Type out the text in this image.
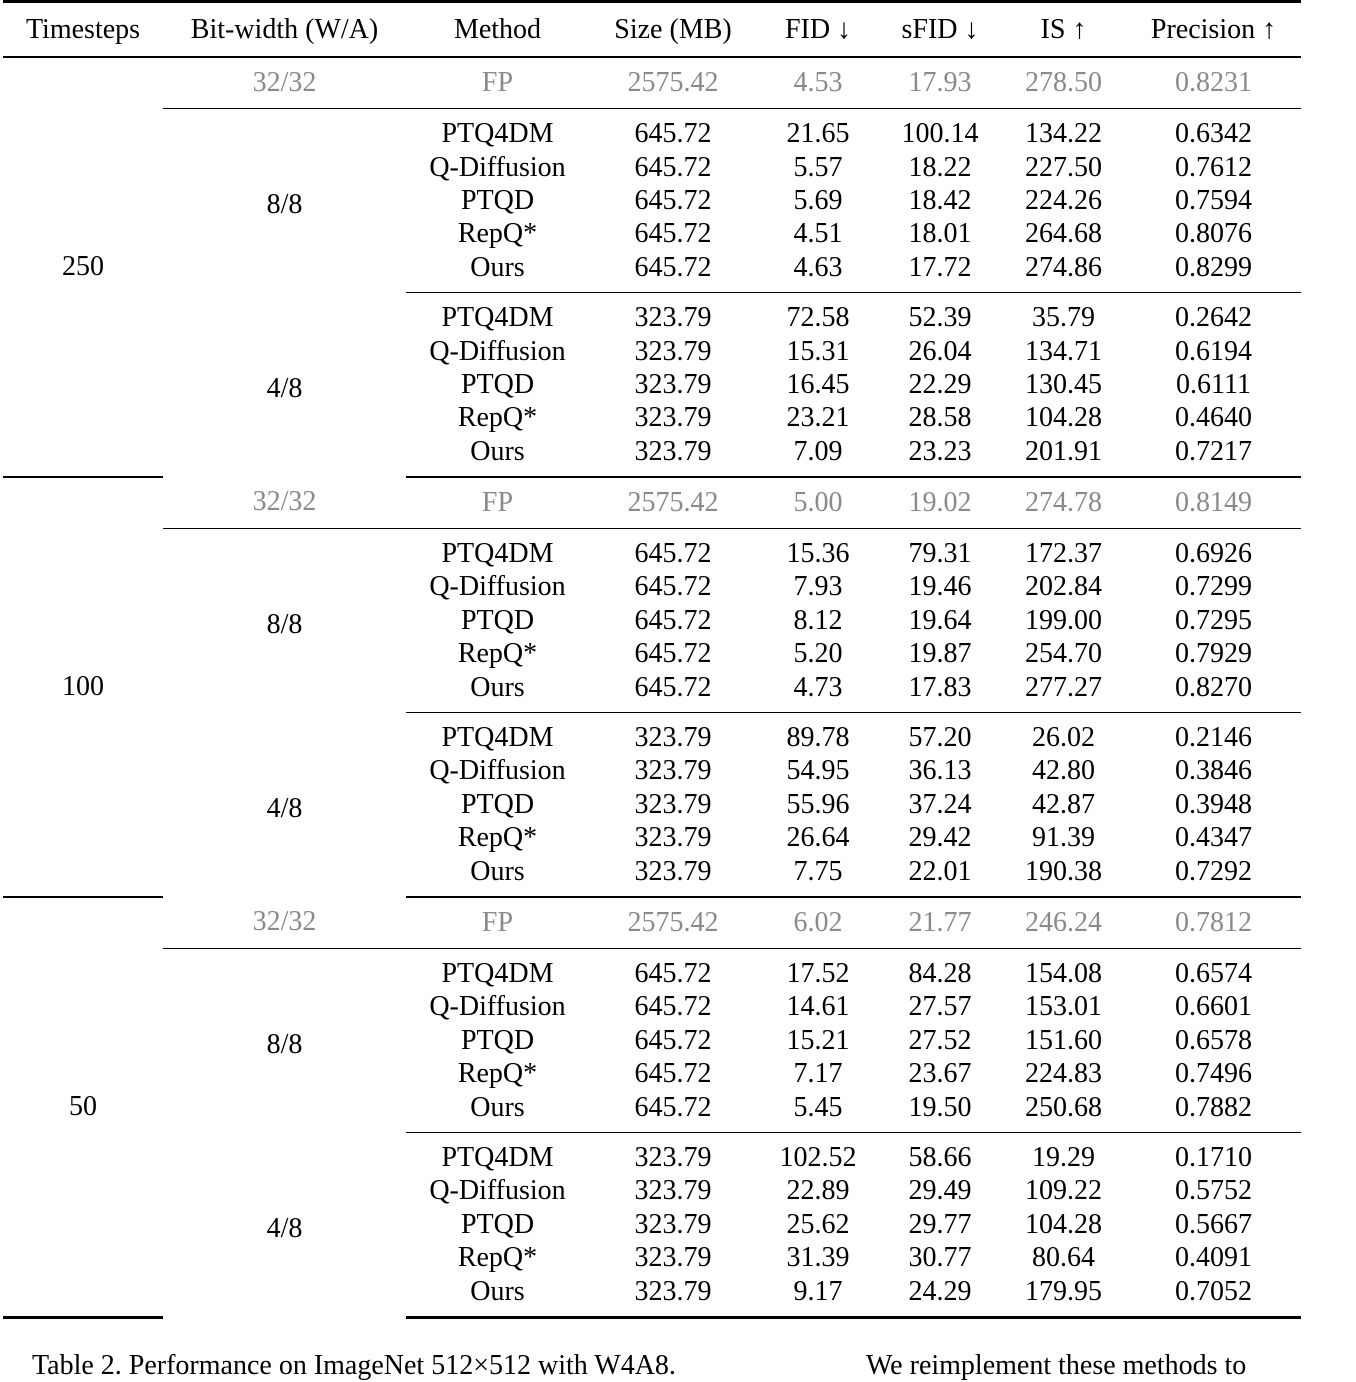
Timesteps	Bit-width (W/A)	Method	Size (MB)	FID ↓	sFID ↓	IS ↑	Precision ↑
250	32/32	FP	2575.42	4.53	17.93	278.50	0.8231
	8/8	PTQ4DM	645.72	21.65	100.14	134.22	0.6342
		Q-Diffusion	645.72	5.57	18.22	227.50	0.7612
		PTQD	645.72	5.69	18.42	224.26	0.7594
		RepQ*	645.72	4.51	18.01	264.68	0.8076
		Ours	645.72	4.63	17.72	274.86	0.8299
	4/8	PTQ4DM	323.79	72.58	52.39	35.79	0.2642
		Q-Diffusion	323.79	15.31	26.04	134.71	0.6194
		PTQD	323.79	16.45	22.29	130.45	0.6111
		RepQ*	323.79	23.21	28.58	104.28	0.4640
		Ours	323.79	7.09	23.23	201.91	0.7217
100	32/32	FP	2575.42	5.00	19.02	274.78	0.8149
	8/8	PTQ4DM	645.72	15.36	79.31	172.37	0.6926
		Q-Diffusion	645.72	7.93	19.46	202.84	0.7299
		PTQD	645.72	8.12	19.64	199.00	0.7295
		RepQ*	645.72	5.20	19.87	254.70	0.7929
		Ours	645.72	4.73	17.83	277.27	0.8270
	4/8	PTQ4DM	323.79	89.78	57.20	26.02	0.2146
		Q-Diffusion	323.79	54.95	36.13	42.80	0.3846
		PTQD	323.79	55.96	37.24	42.87	0.3948
		RepQ*	323.79	26.64	29.42	91.39	0.4347
		Ours	323.79	7.75	22.01	190.38	0.7292
50	32/32	FP	2575.42	6.02	21.77	246.24	0.7812
	8/8	PTQ4DM	645.72	17.52	84.28	154.08	0.6574
		Q-Diffusion	645.72	14.61	27.57	153.01	0.6601
		PTQD	645.72	15.21	27.52	151.60	0.6578
		RepQ*	645.72	7.17	23.67	224.83	0.7496
		Ours	645.72	5.45	19.50	250.68	0.7882
	4/8	PTQ4DM	323.79	102.52	58.66	19.29	0.1710
		Q-Diffusion	323.79	22.89	29.49	109.22	0.5752
		PTQD	323.79	25.62	29.77	104.28	0.5667
		RepQ*	323.79	31.39	30.77	80.64	0.4091
		Ours	323.79	9.17	24.29	179.95	0.7052
Table 2. Performance on ImageNet 512×512 with W4A8.	We reimplement these methods to
